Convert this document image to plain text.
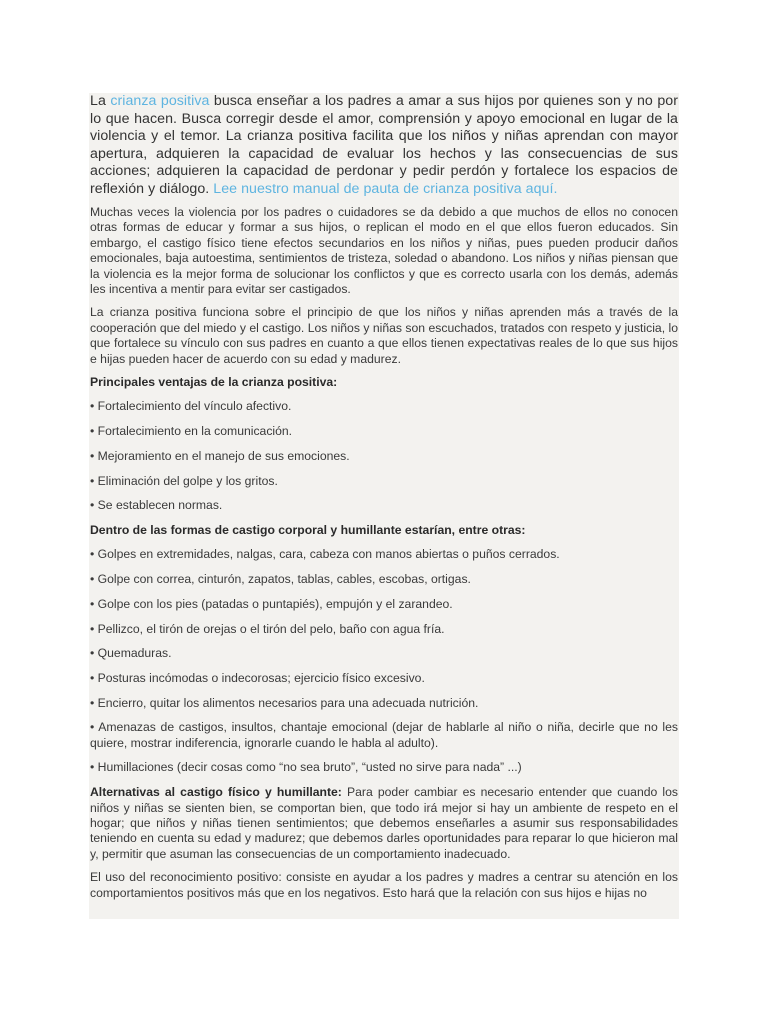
La crianza positiva busca enseñar a los padres a amar a sus hijos por quienes son y no por lo que hacen. Busca corregir desde el amor, comprensión y apoyo emocional en lugar de la violencia y el temor. La crianza positiva facilita que los niños y niñas aprendan con mayor apertura, adquieren la capacidad de evaluar los hechos y las consecuencias de sus acciones; adquieren la capacidad de perdonar y pedir perdón y fortalece los espacios de reflexión y diálogo. Lee nuestro manual de pauta de crianza positiva aquí.

Muchas veces la violencia por los padres o cuidadores se da debido a que muchos de ellos no conocen otras formas de educar y formar a sus hijos, o replican el modo en el que ellos fueron educados. Sin embargo, el castigo físico tiene efectos secundarios en los niños y niñas, pues pueden producir daños emocionales, baja autoestima, sentimientos de tristeza, soledad o abandono. Los niños y niñas piensan que la violencia es la mejor forma de solucionar los conflictos y que es correcto usarla con los demás, además les incentiva a mentir para evitar ser castigados.

La crianza positiva funciona sobre el principio de que los niños y niñas aprenden más a través de la cooperación que del miedo y el castigo. Los niños y niñas son escuchados, tratados con respeto y justicia, lo que fortalece su vínculo con sus padres en cuanto a que ellos tienen expectativas reales de lo que sus hijos e hijas pueden hacer de acuerdo con su edad y madurez.

Principales ventajas de la crianza positiva:

• Fortalecimiento del vínculo afectivo.

• Fortalecimiento en la comunicación.

• Mejoramiento en el manejo de sus emociones.

• Eliminación del golpe y los gritos.

• Se establecen normas.

Dentro de las formas de castigo corporal y humillante estarían, entre otras:

• Golpes en extremidades, nalgas, cara, cabeza con manos abiertas o puños cerrados.

• Golpe con correa, cinturón, zapatos, tablas, cables, escobas, ortigas.

• Golpe con los pies (patadas o puntapiés), empujón y el zarandeo.

• Pellizco, el tirón de orejas o el tirón del pelo, baño con agua fría.

• Quemaduras.

• Posturas incómodas o indecorosas; ejercicio físico excesivo.

• Encierro, quitar los alimentos necesarios para una adecuada nutrición.

• Amenazas de castigos, insultos, chantaje emocional (dejar de hablarle al niño o niña, decirle que no les quiere, mostrar indiferencia, ignorarle cuando le habla al adulto).

• Humillaciones (decir cosas como “no sea bruto”, “usted no sirve para nada” ...)

Alternativas al castigo físico y humillante: Para poder cambiar es necesario entender que cuando los niños y niñas se sienten bien, se comportan bien, que todo irá mejor si hay un ambiente de respeto en el hogar; que niños y niñas tienen sentimientos; que debemos enseñarles a asumir sus responsabilidades teniendo en cuenta su edad y madurez; que debemos darles oportunidades para reparar lo que hicieron mal y, permitir que asuman las consecuencias de un comportamiento inadecuado.

El uso del reconocimiento positivo: consiste en ayudar a los padres y madres a centrar su atención en los comportamientos positivos más que en los negativos. Esto hará que la relación con sus hijos e hijas no
